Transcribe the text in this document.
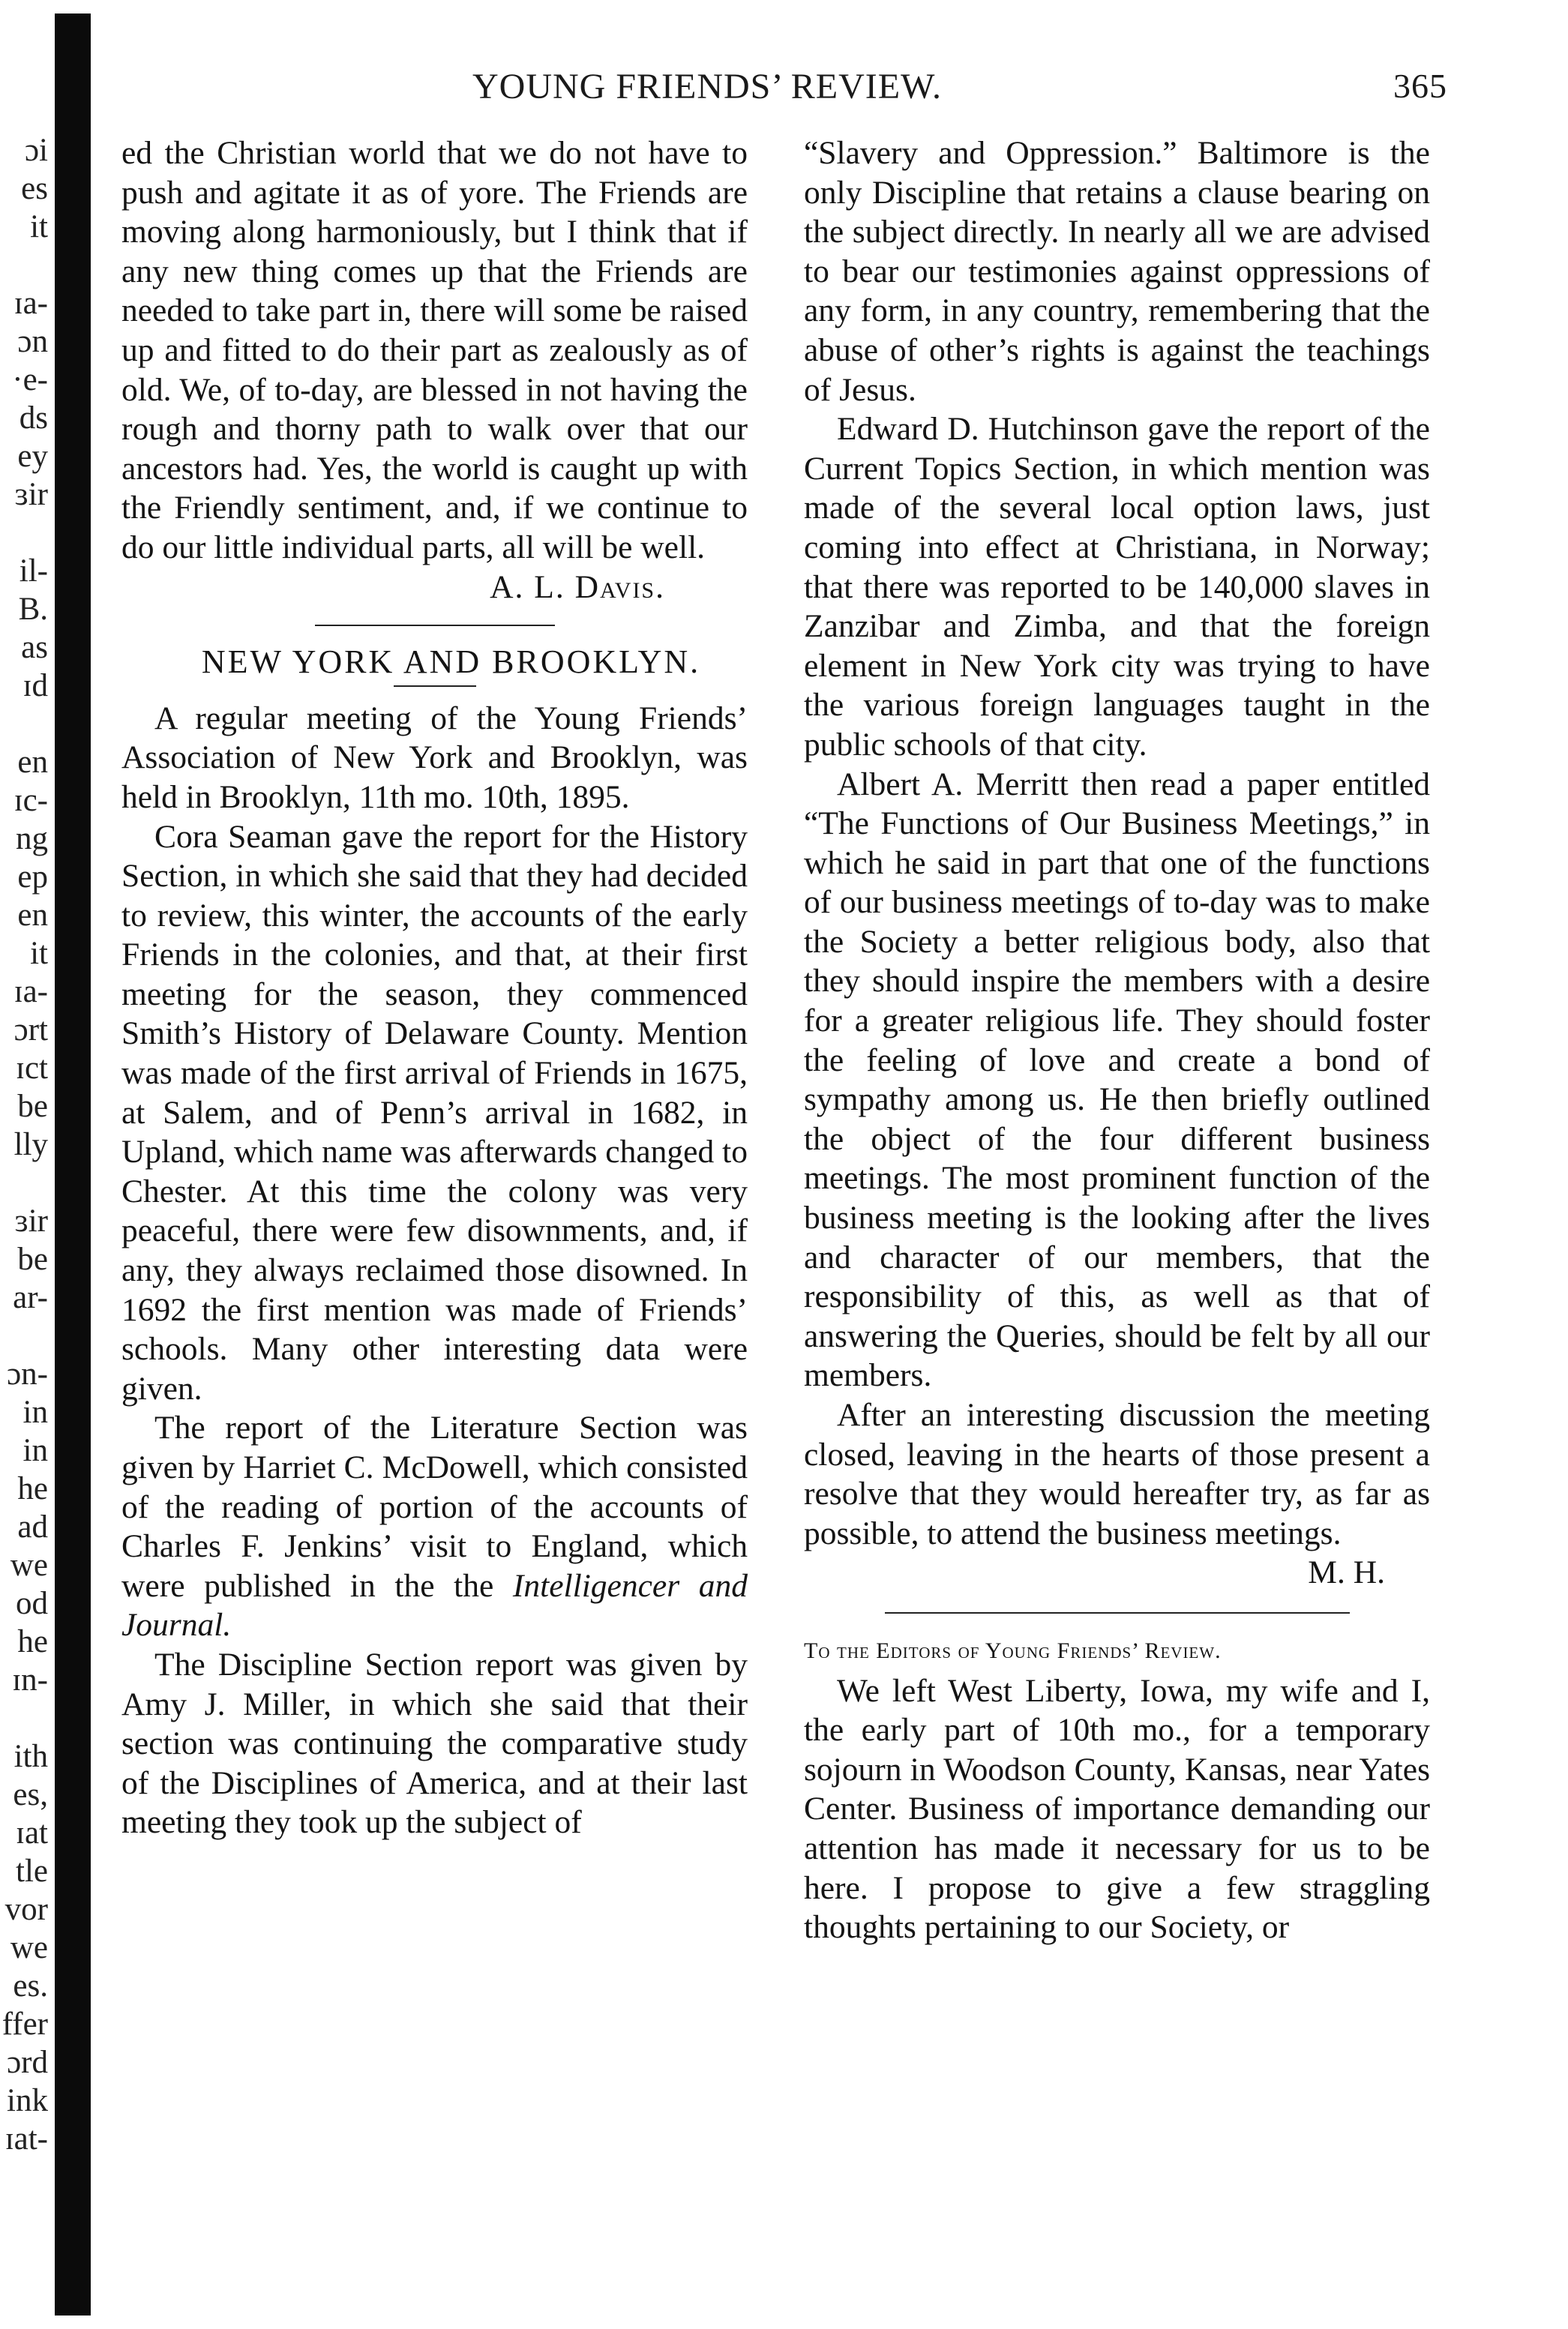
ɔi
es
it
ɪa-
ɔn
·e-
ds
ey
ɜir
il-
B.
as
ɪd
en
ɪc-
ng
ep
en
it
ɪa-
ɔrt
ɪct
be
lly
ɜir
be
ar-
ɔn-
in
in
he
ad
we
od
he
ɪn-
ith
es,
ɪat
tle
vor
we
es.
ffer
ɔrd
ink
ɪat-
YOUNG FRIENDS’ REVIEW.	365

ed the Christian world that we do not have to push and agitate it as of yore. The Friends are moving along harmoniously, but I think that if any new thing comes up that the Friends are needed to take part in, there will some be raised up and fitted to do their part as zealously as of old. We, of to-day, are blessed in not having the rough and thorny path to walk over that our ancestors had. Yes, the world is caught up with the Friendly sentiment, and, if we continue to do our little individual parts, all will be well.

A. L. Davis.

NEW YORK AND BROOKLYN.

A regular meeting of the Young Friends’ Association of New York and Brooklyn, was held in Brooklyn, 11th mo. 10th, 1895.

Cora Seaman gave the report for the History Section, in which she said that they had decided to review, this winter, the accounts of the early Friends in the colonies, and that, at their first meeting for the season, they commenced Smith’s History of Delaware County. Mention was made of the first arrival of Friends in 1675, at Salem, and of Penn’s arrival in 1682, in Upland, which name was afterwards changed to Chester. At this time the colony was very peaceful, there were few disownments, and, if any, they always reclaimed those disowned. In 1692 the first mention was made of Friends’ schools. Many other interesting data were given.

The report of the Literature Section was given by Harriet C. McDowell, which consisted of the reading of portion of the accounts of Charles F. Jenkins’ visit to England, which were published in the the Intelligencer and Journal.

The Discipline Section report was given by Amy J. Miller, in which she said that their section was continuing the comparative study of the Disciplines of America, and at their last meeting they took up the subject of

“Slavery and Oppression.” Baltimore is the only Discipline that retains a clause bearing on the subject directly. In nearly all we are advised to bear our testimonies against oppressions of any form, in any country, remembering that the abuse of other’s rights is against the teachings of Jesus.

Edward D. Hutchinson gave the report of the Current Topics Section, in which mention was made of the several local option laws, just coming into effect at Christiana, in Norway; that there was reported to be 140,000 slaves in Zanzibar and Zimba, and that the foreign element in New York city was trying to have the various foreign languages taught in the public schools of that city.

Albert A. Merritt then read a paper entitled “The Functions of Our Business Meetings,” in which he said in part that one of the functions of our business meetings of to-day was to make the Society a better religious body, also that they should inspire the members with a desire for a greater religious life. They should foster the feeling of love and create a bond of sympathy among us. He then briefly outlined the object of the four different business meetings. The most prominent function of the business meeting is the looking after the lives and character of our members, that the responsibility of this, as well as that of answering the Queries, should be felt by all our members.

After an interesting discussion the meeting closed, leaving in the hearts of those present a resolve that they would hereafter try, as far as possible, to attend the business meetings.

M. H.

To the Editors of Young Friends’ Review.

We left West Liberty, Iowa, my wife and I, the early part of 10th mo., for a temporary sojourn in Woodson County, Kansas, near Yates Center. Business of importance demanding our attention has made it necessary for us to be here. I propose to give a few straggling thoughts pertaining to our Society, or
